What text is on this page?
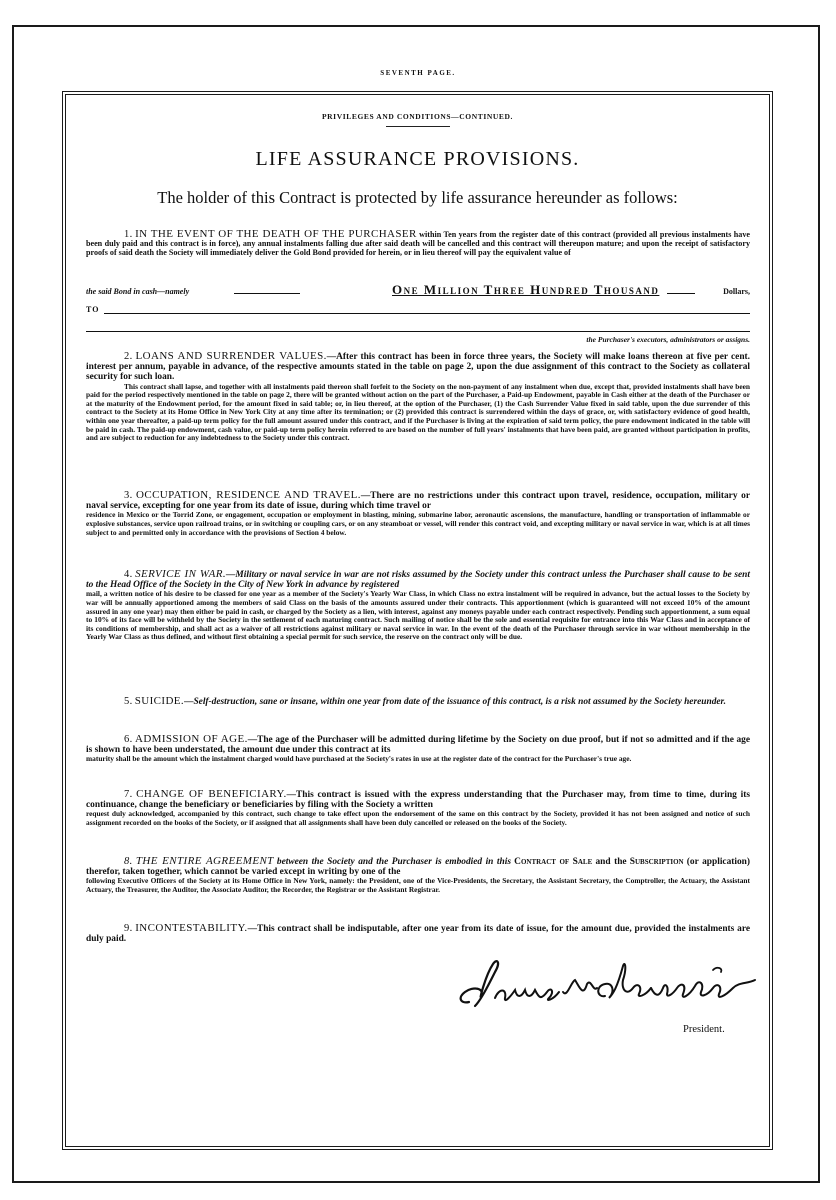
SEVENTH PAGE.
PRIVILEGES AND CONDITIONS—CONTINUED.
LIFE ASSURANCE PROVISIONS.
The holder of this Contract is protected by life assurance hereunder as follows:

1. IN THE EVENT OF THE DEATH OF THE PURCHASER within Ten years from the register date of this contract (provided all previous instalments have been duly paid and this contract is in force), any annual instalments falling due after said death will be cancelled and this contract will thereupon mature; and upon the receipt of satisfactory proofs of said death the Society will immediately deliver the Gold Bond provided for herein, or in lieu thereof will pay the equivalent value of

the said Bond in cash—namely	One Million Three Hundred Thousand	Dollars,
TO
the Purchaser's executors, administrators or assigns.

2. LOANS AND SURRENDER VALUES.—After this contract has been in force three years, the Society will make loans thereon at five per cent. interest per annum, payable in advance, of the respective amounts stated in the table on page 2, upon the due assignment of this contract to the Society as collateral security for such loan.

This contract shall lapse, and together with all instalments paid thereon shall forfeit to the Society on the non-payment of any instalment when due, except that, provided instalments shall have been paid for the period respectively mentioned in the table on page 2, there will be granted without action on the part of the Purchaser, a Paid-up Endowment, payable in Cash either at the death of the Purchaser or at the maturity of the Endowment period, for the amount fixed in said table; or, in lieu thereof, at the option of the Purchaser, (1) the Cash Surrender Value fixed in said table, upon the due surrender of this contract to the Society at its Home Office in New York City at any time after its termination; or (2) provided this contract is surrendered within the days of grace, or, with satisfactory evidence of good health, within one year thereafter, a paid-up term policy for the full amount assured under this contract, and if the Purchaser is living at the expiration of said term policy, the pure endowment indicated in the table will be paid in cash. The paid-up endowment, cash value, or paid-up term policy herein referred to are based on the number of full years' instalments that have been paid, are granted without participation in profits, and are subject to reduction for any indebtedness to the Society under this contract.

3. OCCUPATION, RESIDENCE AND TRAVEL.—There are no restrictions under this contract upon travel, residence, occupation, military or naval service, excepting for one year from its date of issue, during which time travel or

residence in Mexico or the Torrid Zone, or engagement, occupation or employment in blasting, mining, submarine labor, aeronautic ascensions, the manufacture, handling or transportation of inflammable or explosive substances, service upon railroad trains, or in switching or coupling cars, or on any steamboat or vessel, will render this contract void, and excepting military or naval service in war, which is at all times subject to and permitted only in accordance with the provisions of Section 4 below.

4. SERVICE IN WAR.—Military or naval service in war are not risks assumed by the Society under this contract unless the Purchaser shall cause to be sent to the Head Office of the Society in the City of New York in advance by registered

mail, a written notice of his desire to be classed for one year as a member of the Society's Yearly War Class, in which Class no extra instalment will be required in advance, but the actual losses to the Society by war will be annually apportioned among the members of said Class on the basis of the amounts assured under their contracts. This apportionment (which is guaranteed will not exceed 10% of the amount assured in any one year) may then either be paid in cash, or charged by the Society as a lien, with interest, against any moneys payable under each contract respectively. Pending such apportionment, a sum equal to 10% of its face will be withheld by the Society in the settlement of each maturing contract. Such mailing of notice shall be the sole and essential requisite for entrance into this War Class and in acceptance of its conditions of membership, and shall act as a waiver of all restrictions against military or naval service in war. In the event of the death of the Purchaser through service in war without membership in the Yearly War Class as thus defined, and without first obtaining a special permit for such service, the reserve on the contract only will be due.

5. SUICIDE.—Self-destruction, sane or insane, within one year from date of the issuance of this contract, is a risk not assumed by the Society hereunder.

6. ADMISSION OF AGE.—The age of the Purchaser will be admitted during lifetime by the Society on due proof, but if not so admitted and if the age is shown to have been understated, the amount due under this contract at its

maturity shall be the amount which the instalment charged would have purchased at the Society's rates in use at the register date of the contract for the Purchaser's true age.

7. CHANGE OF BENEFICIARY.—This contract is issued with the express understanding that the Purchaser may, from time to time, during its continuance, change the beneficiary or beneficiaries by filing with the Society a written

request duly acknowledged, accompanied by this contract, such change to take effect upon the endorsement of the same on this contract by the Society, provided it has not been assigned and notice of such assignment recorded on the books of the Society, or if assigned that all assignments shall have been duly cancelled or released on the books of the Society.

8. THE ENTIRE AGREEMENT between the Society and the Purchaser is embodied in this Contract of Sale and the Subscription (or application) therefor, taken together, which cannot be varied except in writing by one of the

following Executive Officers of the Society at its Home Office in New York, namely: the President, one of the Vice-Presidents, the Secretary, the Assistant Secretary, the Comptroller, the Actuary, the Assistant Actuary, the Treasurer, the Auditor, the Associate Auditor, the Recorder, the Registrar or the Assistant Registrar.

9. INCONTESTABILITY.—This contract shall be indisputable, after one year from its date of issue, for the amount due, provided the instalments are duly paid.

President.
